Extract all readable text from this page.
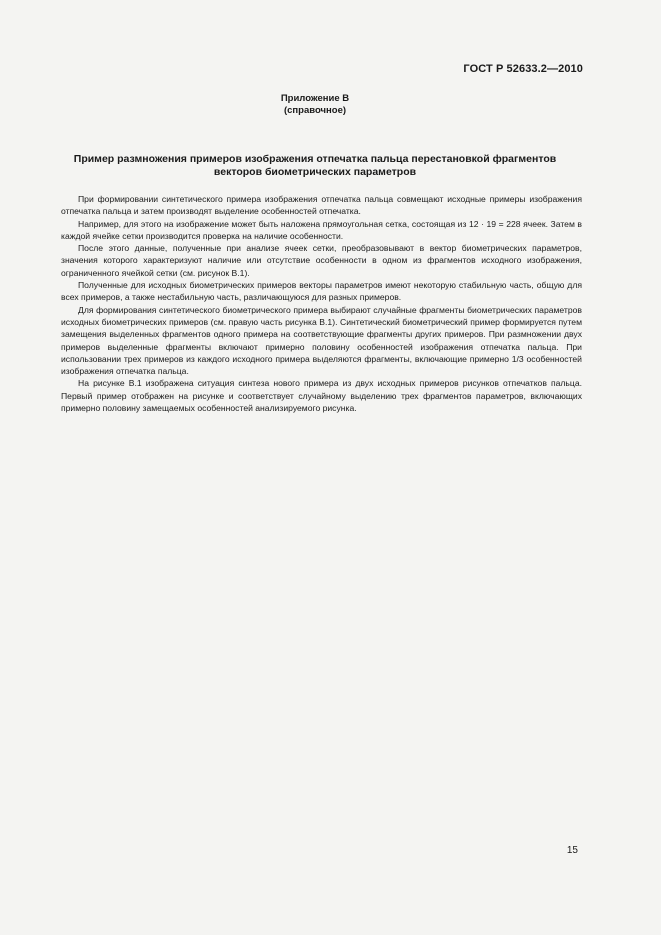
ГОСТ Р 52633.2—2010
Приложение В
(справочное)
Пример размножения примеров изображения отпечатка пальца перестановкой фрагментов
векторов биометрических параметров

При формировании синтетического примера изображения отпечатка пальца совмещают исходные примеры изображения отпечатка пальца и затем производят выделение особенностей отпечатка.

Например, для этого на изображение может быть наложена прямоугольная сетка, состоящая из 12 · 19 = 228 ячеек. Затем в каждой ячейке сетки производится проверка на наличие особенности.

После этого данные, полученные при анализе ячеек сетки, преобразовывают в вектор биометрических параметров, значения которого характеризуют наличие или отсутствие особенности в одном из фрагментов исходного изображения, ограниченного ячейкой сетки (см. рисунок В.1).

Полученные для исходных биометрических примеров векторы параметров имеют некоторую стабильную часть, общую для всех примеров, а также нестабильную часть, различающуюся для разных примеров.

Для формирования синтетического биометрического примера выбирают случайные фрагменты биометрических параметров исходных биометрических примеров (см. правую часть рисунка В.1). Синтетический биометрический пример формируется путем замещения выделенных фрагментов одного примера на соответствующие фрагменты других примеров. При размножении двух примеров выделенные фрагменты включают примерно половину особенностей изображения отпечатка пальца. При использовании трех примеров из каждого исходного примера выделяются фрагменты, включающие примерно 1/3 особенностей изображения отпечатка пальца.

На рисунке В.1 изображена ситуация синтеза нового примера из двух исходных примеров рисунков отпечатков пальца. Первый пример отображен на рисунке и соответствует случайному выделению трех фрагментов параметров, включающих примерно половину замещаемых особенностей анализируемого рисунка.

15
